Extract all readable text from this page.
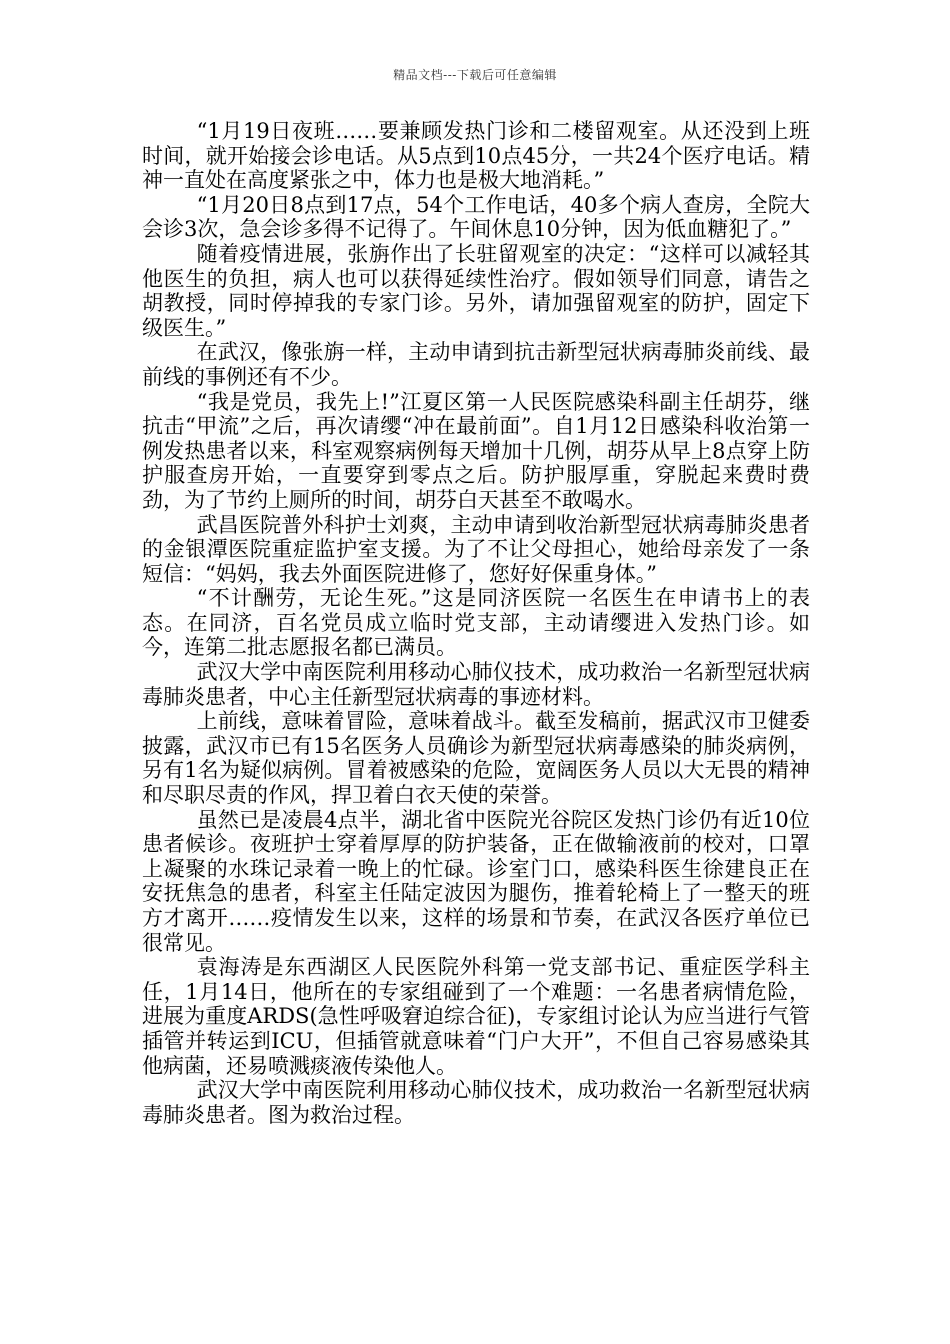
精品文档---下载后可任意编辑

“1月19日夜班……要兼顾发热门诊和二楼留观室。从还没到上班时间，就开始接会诊电话。从5点到10点45分，一共24个医疗电话。精神一直处在高度紧张之中，体力也是极大地消耗。”

“1月20日8点到17点，54个工作电话，40多个病人查房，全院大会诊3次，急会诊多得不记得了。午间休息10分钟，因为低血糖犯了。”

随着疫情进展，张旃作出了长驻留观室的决定：“这样可以减轻其他医生的负担，病人也可以获得延续性治疗。假如领导们同意，请告之胡教授，同时停掉我的专家门诊。另外，请加强留观室的防护，固定下级医生。”

在武汉，像张旃一样，主动申请到抗击新型冠状病毒肺炎前线、最前线的事例还有不少。

“我是党员，我先上!”江夏区第一人民医院感染科副主任胡芬，继抗击“甲流”之后，再次请缨“冲在最前面”。自1月12日感染科收治第一例发热患者以来，科室观察病例每天增加十几例，胡芬从早上8点穿上防护服查房开始，一直要穿到零点之后。防护服厚重，穿脱起来费时费劲，为了节约上厕所的时间，胡芬白天甚至不敢喝水。

武昌医院普外科护士刘爽，主动申请到收治新型冠状病毒肺炎患者的金银潭医院重症监护室支援。为了不让父母担心，她给母亲发了一条短信：“妈妈，我去外面医院进修了，您好好保重身体。”

“不计酬劳，无论生死。”这是同济医院一名医生在申请书上的表态。在同济，百名党员成立临时党支部，主动请缨进入发热门诊。如今，连第二批志愿报名都已满员。

武汉大学中南医院利用移动心肺仪技术，成功救治一名新型冠状病毒肺炎患者，中心主任新型冠状病毒的事迹材料。

上前线，意味着冒险，意味着战斗。截至发稿前，据武汉市卫健委披露，武汉市已有15名医务人员确诊为新型冠状病毒感染的肺炎病例，另有1名为疑似病例。冒着被感染的危险，宽阔医务人员以大无畏的精神和尽职尽责的作风，捍卫着白衣天使的荣誉。

虽然已是凌晨4点半，湖北省中医院光谷院区发热门诊仍有近10位患者候诊。夜班护士穿着厚厚的防护装备，正在做输液前的校对，口罩上凝聚的水珠记录着一晚上的忙碌。诊室门口，感染科医生徐建良正在安抚焦急的患者，科室主任陆定波因为腿伤，推着轮椅上了一整天的班方才离开……疫情发生以来，这样的场景和节奏，在武汉各医疗单位已很常见。

袁海涛是东西湖区人民医院外科第一党支部书记、重症医学科主任，1月14日，他所在的专家组碰到了一个难题：一名患者病情危险，进展为重度ARDS(急性呼吸窘迫综合征)，专家组讨论认为应当进行气管插管并转运到ICU，但插管就意味着“门户大开”，不但自己容易感染其他病菌，还易喷溅痰液传染他人。

武汉大学中南医院利用移动心肺仪技术，成功救治一名新型冠状病毒肺炎患者。图为救治过程。
